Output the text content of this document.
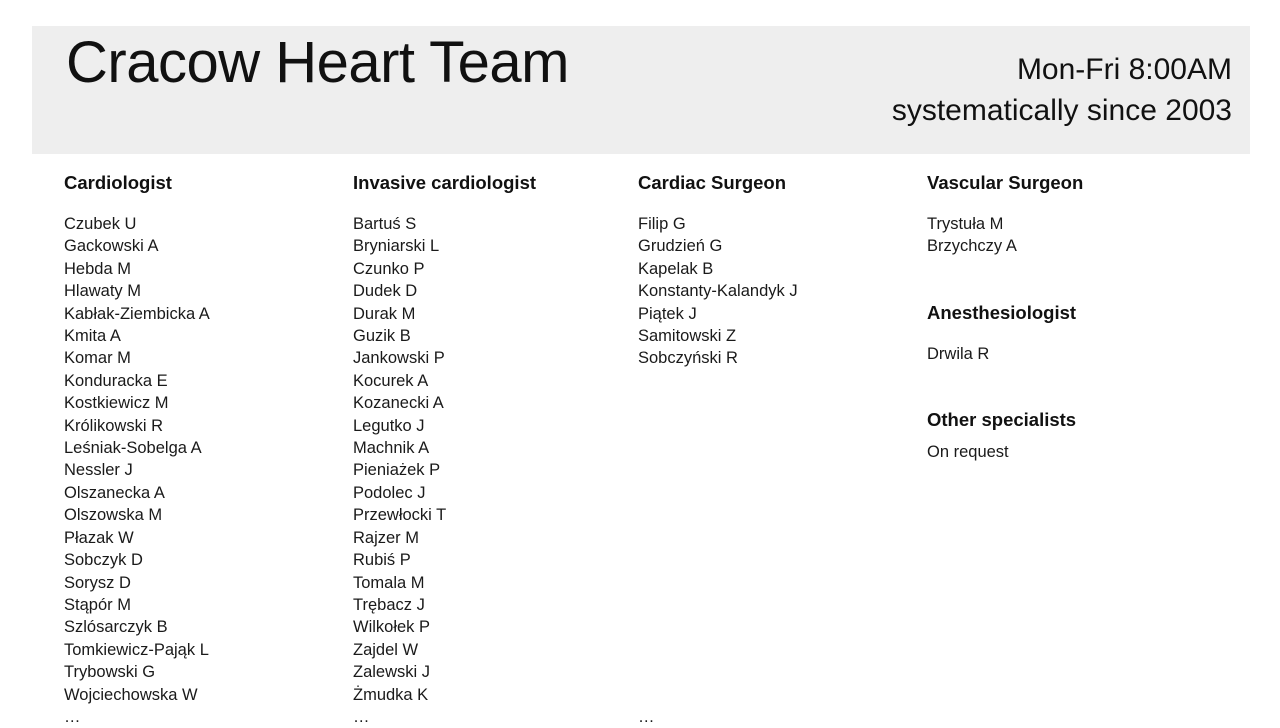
Cracow Heart Team	Mon-Fri 8:00AM
systematically since 2003
Cardiologist
Czubek U
Gackowski A
Hebda M
Hlawaty M
Kabłak-Ziembicka A
Kmita A
Komar M
Konduracka E
Kostkiewicz M
Królikowski R
Leśniak-Sobelga A
Nessler J
Olszanecka A
Olszowska M
Płazak W
Sobczyk D
Sorysz D
Stąpór M
Szlósarczyk B
Tomkiewicz-Pająk L
Trybowski G
Wojciechowska W
…
Invasive cardiologist
Bartuś S
Bryniarski L
Czunko P
Dudek D
Durak M
Guzik B
Jankowski P
Kocurek A
Kozanecki A
Legutko J
Machnik A
Pieniażek P
Podolec J
Przewłocki T
Rajzer M
Rubiś P
Tomala M
Trębacz J
Wilkołek P
Zajdel W
Zalewski J
Żmudka K
…
Cardiac Surgeon
Filip G
Grudzień G
Kapelak B
Konstanty-Kalandyk J
Piątek J
Samitowski Z
Sobczyński R
…
Vascular Surgeon
Trystuła M
Brzychczy A
Anesthesiologist
Drwila R
Other specialists
On request
